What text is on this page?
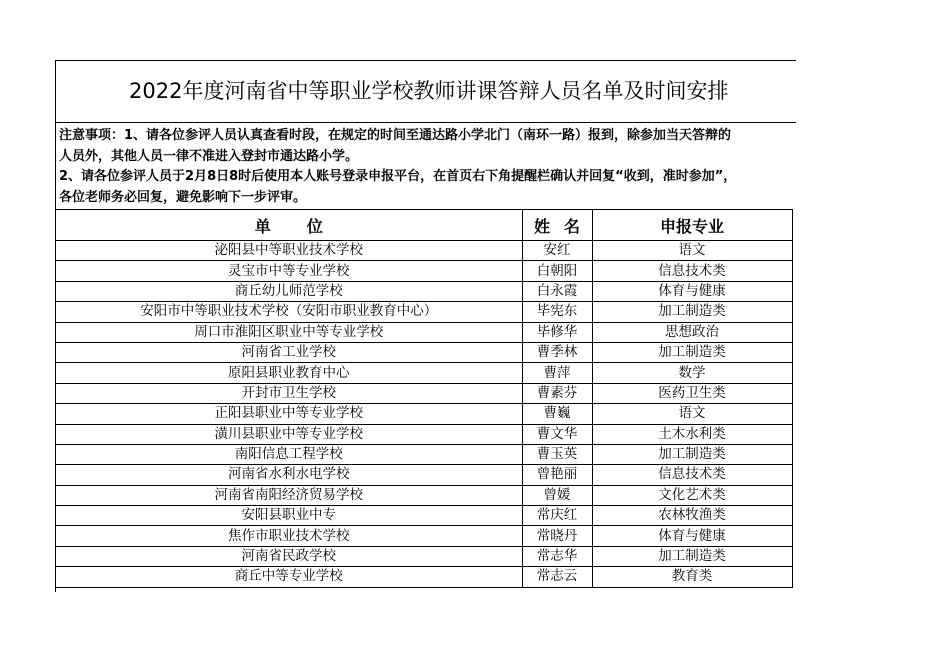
2022年度河南省中等职业学校教师讲课答辩人员名单及时间安排
注意事项：1、请各位参评人员认真查看时段，在规定的时间至通达路小学北门（南环一路）报到，除参加当天答辩的
人员外，其他人员一律不准进入登封市通达路小学。
2、请各位参评人员于2月8日8时后使用本人账号登录申报平台，在首页右下角提醒栏确认并回复“收到，准时参加”，
各位老师务必回复，避免影响下一步评审。
单 位	姓 名	申报专业
泌阳县中等职业技术学校	安红	语文
灵宝市中等专业学校	白朝阳	信息技术类
商丘幼儿师范学校	白永霞	体育与健康
安阳市中等职业技术学校（安阳市职业教育中心）	毕宪东	加工制造类
周口市淮阳区职业中等专业学校	毕修华	思想政治
河南省工业学校	曹季林	加工制造类
原阳县职业教育中心	曹萍	数学
开封市卫生学校	曹素芬	医药卫生类
正阳县职业中等专业学校	曹巍	语文
潢川县职业中等专业学校	曹文华	土木水利类
南阳信息工程学校	曹玉英	加工制造类
河南省水利水电学校	曾艳丽	信息技术类
河南省南阳经济贸易学校	曾媛	文化艺术类
安阳县职业中专	常庆红	农林牧渔类
焦作市职业技术学校	常晓丹	体育与健康
河南省民政学校	常志华	加工制造类
商丘中等专业学校	常志云	教育类
